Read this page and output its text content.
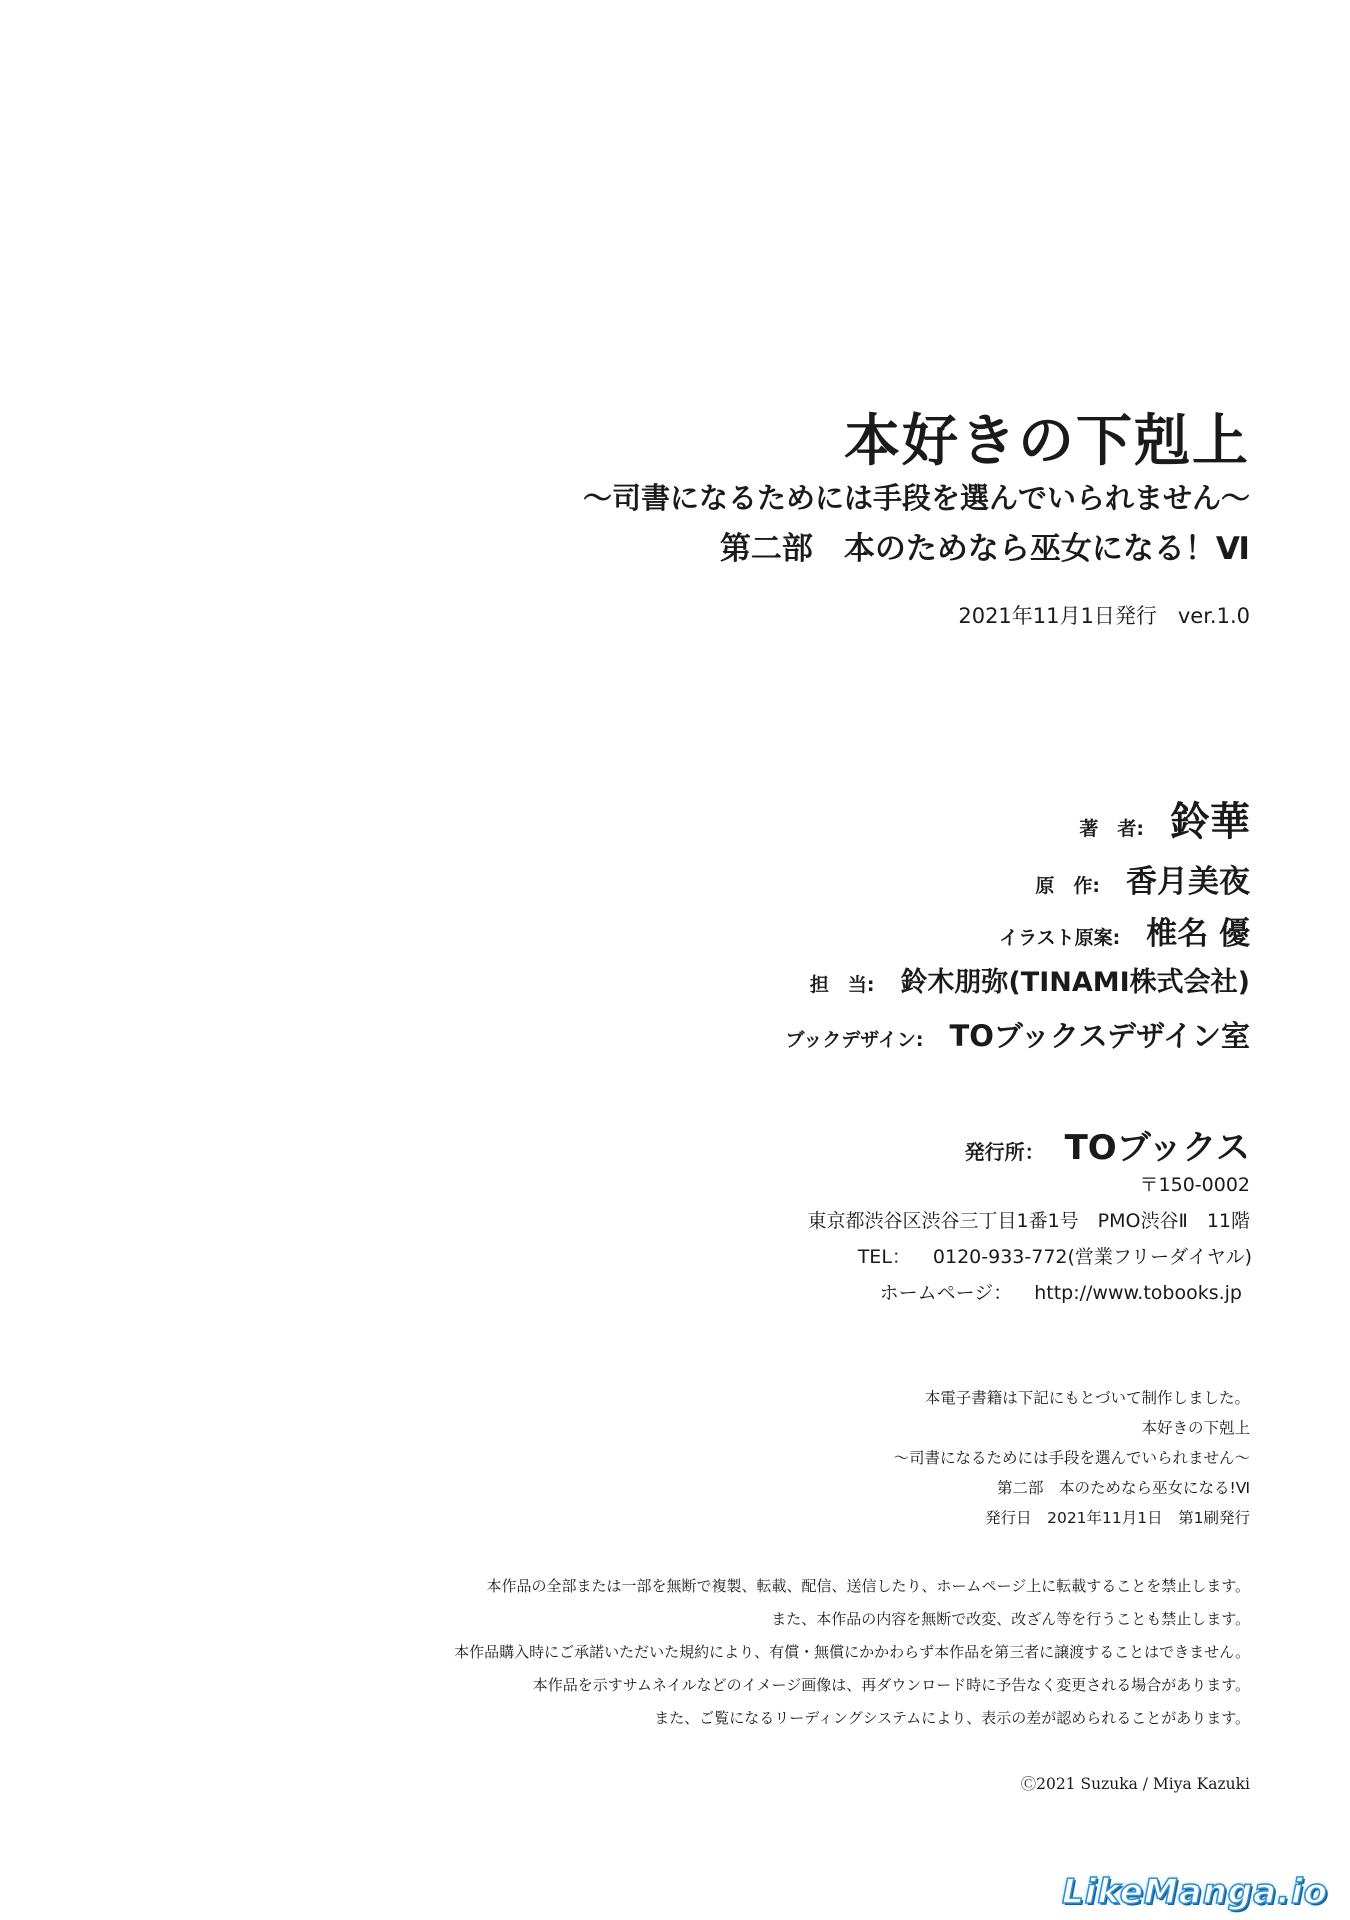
本好きの下剋上
～司書になるためには手段を選んでいられません～
第二部　本のためなら巫女になる！Ⅵ
2021年11月1日発行　ver.1.0
著　者: 鈴華
原　作: 香月美夜
イラスト原案: 椎名 優
担　当: 鈴木朋弥(TINAMI株式会社)
ブックデザイン: TOブックスデザイン室
発行所： TOブックス
〒150-0002
東京都渋谷区渋谷三丁目1番1号　PMO渋谷Ⅱ　11階
TEL： 0120-933-772(営業フリーダイヤル)
ホームページ： http://www.tobooks.jp
本電子書籍は下記にもとづいて制作しました。
本好きの下剋上
～司書になるためには手段を選んでいられません～
第二部　本のためなら巫女になる!Ⅵ
発行日　2021年11月1日　第1刷発行
本作品の全部または一部を無断で複製、転載、配信、送信したり、ホームページ上に転載することを禁止します。
また、本作品の内容を無断で改変、改ざん等を行うことも禁止します。
本作品購入時にご承諾いただいた規約により、有償・無償にかかわらず本作品を第三者に譲渡することはできません。
本作品を示すサムネイルなどのイメージ画像は、再ダウンロード時に予告なく変更される場合があります。
また、ご覧になるリーディングシステムにより、表示の差が認められることがあります。
Ⓒ2021 Suzuka / Miya Kazuki
LikeManga.io
